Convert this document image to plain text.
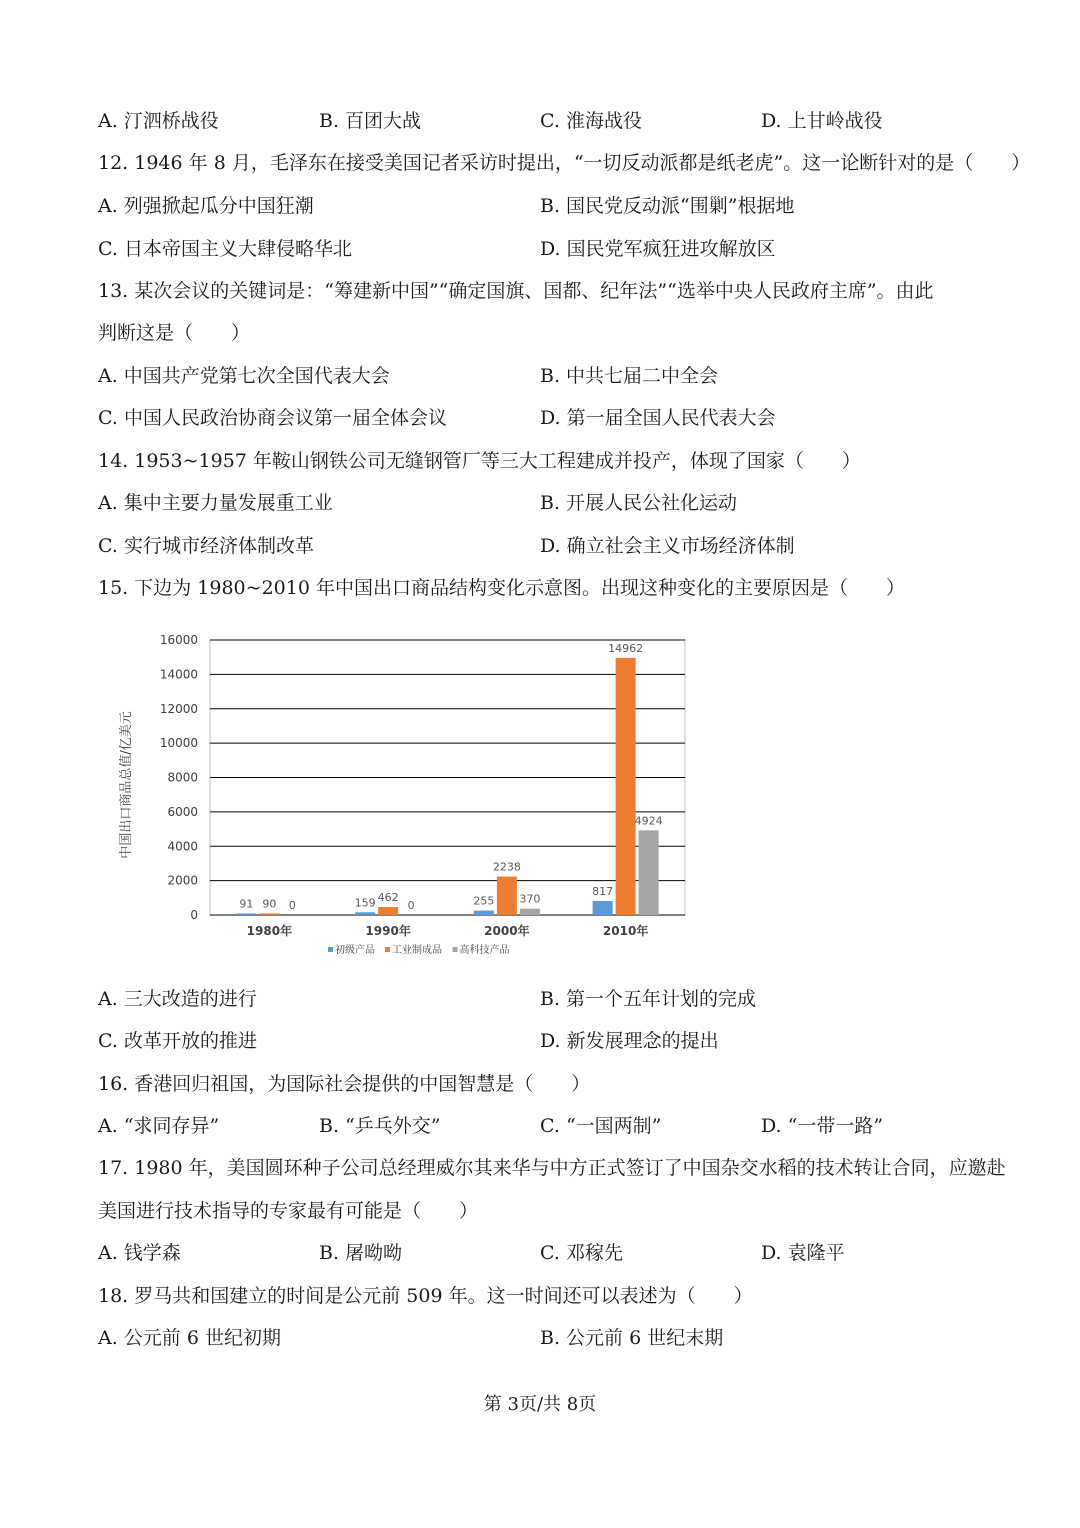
A. 汀泗桥战役	B. 百团大战	C. 淮海战役	D. 上甘岭战役
12. 1946 年 8 月，毛泽东在接受美国记者采访时提出，“一切反动派都是纸老虎”。这一论断针对的是（　　）
A. 列强掀起瓜分中国狂潮	B. 国民党反动派“围剿”根据地
C. 日本帝国主义大肆侵略华北	D. 国民党军疯狂进攻解放区
13. 某次会议的关键词是：“筹建新中国”“确定国旗、国都、纪年法”“选举中央人民政府主席”。由此
判断这是（　　）
A. 中国共产党第七次全国代表大会	B. 中共七届二中全会
C. 中国人民政治协商会议第一届全体会议	D. 第一届全国人民代表大会
14. 1953~1957 年鞍山钢铁公司无缝钢管厂等三大工程建成并投产，体现了国家（　　）
A. 集中主要力量发展重工业	B. 开展人民公社化运动
C. 实行城市经济体制改革	D. 确立社会主义市场经济体制
15. 下边为 1980~2010 年中国出口商品结构变化示意图。出现这种变化的主要原因是（　　）
91 90 0	159 462
0	255
2238
370
817
14962
4924
0
2000
4000
6000
8000
10000
12000
14000
16000
1980年	1990年	2000年	2010年
中国出口商品总值/亿美元
初级产品 工业制成品 高科技产品
A. 三大改造的进行	B. 第一个五年计划的完成
C. 改革开放的推进	D. 新发展理念的提出
16. 香港回归祖国，为国际社会提供的中国智慧是（　　）
A. “求同存异”	B. “乒乓外交”	C. “一国两制”	D. “一带一路”
17. 1980 年，美国圆环种子公司总经理威尔其来华与中方正式签订了中国杂交水稻的技术转让合同，应邀赴
美国进行技术指导的专家最有可能是（　　）
A. 钱学森	B. 屠呦呦	C. 邓稼先	D. 袁隆平
18. 罗马共和国建立的时间是公元前 509 年。这一时间还可以表述为（　　）
A. 公元前 6 世纪初期	B. 公元前 6 世纪末期
第 3页/共 8页
